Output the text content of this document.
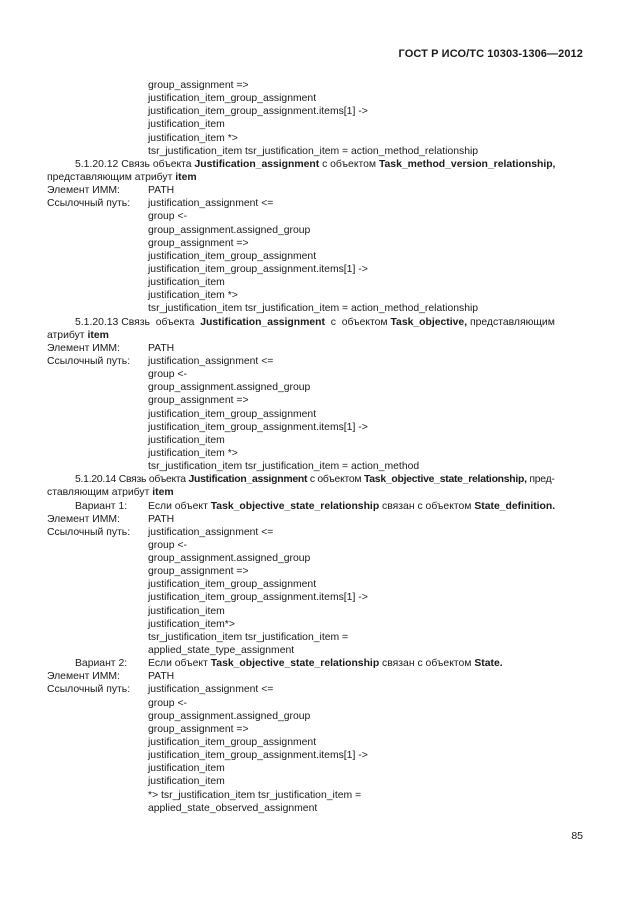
ГОСТ Р ИСО/ТС 10303-1306—2012
group_assignment =>
justification_item_group_assignment
justification_item_group_assignment.items[1] ->
justification_item
justification_item *>
tsr_justification_item tsr_justification_item = action_method_relationship
5.1.20.12 Связь объекта Justification_assignment с объектом Task_method_version_relationship,
представляющим атрибут item
Элемент ИММ:	PATH
Ссылочный путь:	justification_assignment <=
group <-
group_assignment.assigned_group
group_assignment =>
justification_item_group_assignment
justification_item_group_assignment.items[1] ->
justification_item
justification_item *>
tsr_justification_item tsr_justification_item = action_method_relationship
5.1.20.13 Связь  объекта  Justification_assignment  с  объектом Task_objective, представляющим
атрибут item
Элемент ИММ:	PATH
Ссылочный путь:	justification_assignment <=
group <-
group_assignment.assigned_group
group_assignment =>
justification_item_group_assignment
justification_item_group_assignment.items[1] ->
justification_item
justification_item *>
tsr_justification_item tsr_justification_item = action_method
5.1.20.14 Связь объекта Justification_assignment с объектом Task_objective_state_relationship, пред-
ставляющим атрибут item
Вариант 1:	Если объект Task_objective_state_relationship связан с объектом State_definition.
Элемент ИММ:	PATH
Ссылочный путь:	justification_assignment <=
group <-
group_assignment.assigned_group
group_assignment =>
justification_item_group_assignment
justification_item_group_assignment.items[1] ->
justification_item
justification_item*>
tsr_justification_item tsr_justification_item =
applied_state_type_assignment
Вариант 2:	Если объект Task_objective_state_relationship связан с объектом State.
Элемент ИММ:	PATH
Ссылочный путь:	justification_assignment <=
group <-
group_assignment.assigned_group
group_assignment =>
justification_item_group_assignment
justification_item_group_assignment.items[1] ->
justification_item
justification_item
*> tsr_justification_item tsr_justification_item =
applied_state_observed_assignment
85
